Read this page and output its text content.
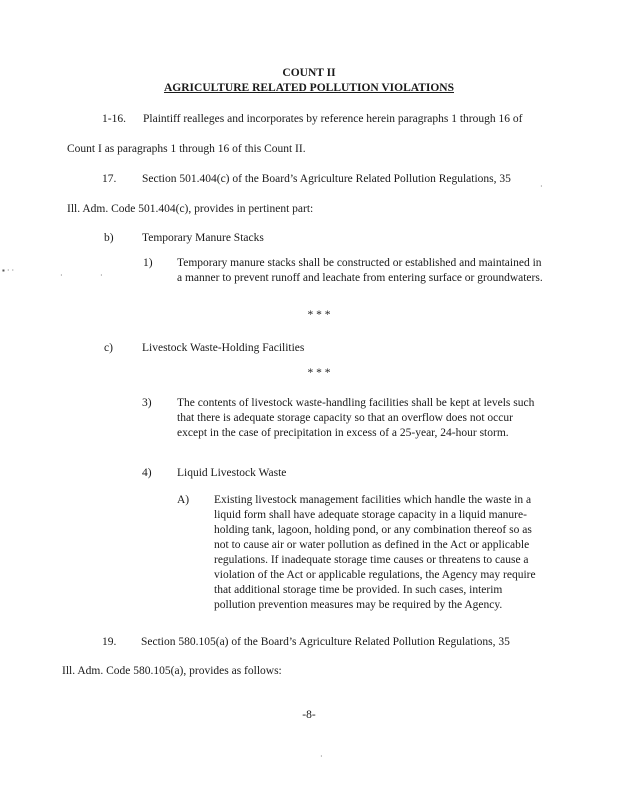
COUNT II
AGRICULTURE RELATED POLLUTION VIOLATIONS
1-16. Plaintiff realleges and incorporates by reference herein paragraphs 1 through 16 of
Count I as paragraphs 1 through 16 of this Count II.
17. Section 501.404(c) of the Board’s Agriculture Related Pollution Regulations, 35
Ill. Adm. Code 501.404(c), provides in pertinent part:
b) Temporary Manure Stacks
1) Temporary manure stacks shall be constructed or established and maintained in a manner to prevent runoff and leachate from entering surface or groundwaters.
* * *
c)	Livestock Waste-Holding Facilities
* * *
3) The contents of livestock waste-handling facilities shall be kept at levels such that there is adequate storage capacity so that an overflow does not occur except in the case of precipitation in excess of a 25-year, 24-hour storm.
4) Liquid Livestock Waste
A) Existing livestock management facilities which handle the waste in a liquid form shall have adequate storage capacity in a liquid manure-holding tank, lagoon, holding pond, or any combination thereof so as not to cause air or water pollution as defined in the Act or applicable regulations. If inadequate storage time causes or threatens to cause a violation of the Act or applicable regulations, the Agency may require that additional storage time be provided. In such cases, interim pollution prevention measures may be required by the Agency.
19. Section 580.105(a) of the Board’s Agriculture Related Pollution Regulations, 35
Ill. Adm. Code 580.105(a), provides as follows:
-8-
▪ · ·
·	·
·
·
